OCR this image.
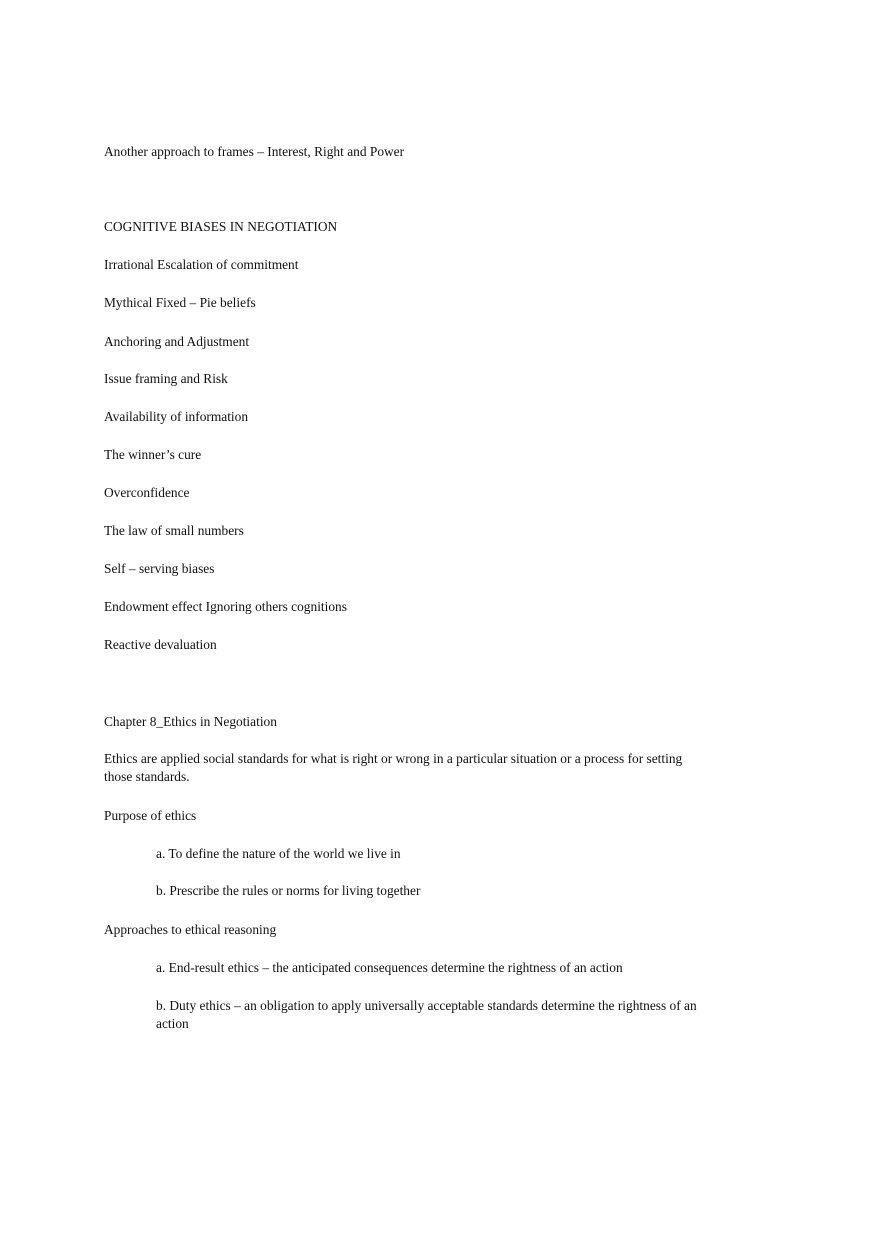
Another approach to frames – Interest, Right and Power
COGNITIVE BIASES IN NEGOTIATION
Irrational Escalation of commitment
Mythical Fixed – Pie beliefs
Anchoring and Adjustment
Issue framing and Risk
Availability of information
The winner’s cure
Overconfidence
The law of small numbers
Self – serving biases
Endowment effect Ignoring others cognitions
Reactive devaluation
Chapter 8_Ethics in Negotiation
Ethics are applied social standards for what is right or wrong in a particular situation or a process for setting those standards.
Purpose of ethics
a. To define the nature of the world we live in
b. Prescribe the rules or norms for living together
Approaches to ethical reasoning
a. End-result ethics – the anticipated consequences determine the rightness of an action
b. Duty ethics – an obligation to apply universally acceptable standards determine the rightness of an action
